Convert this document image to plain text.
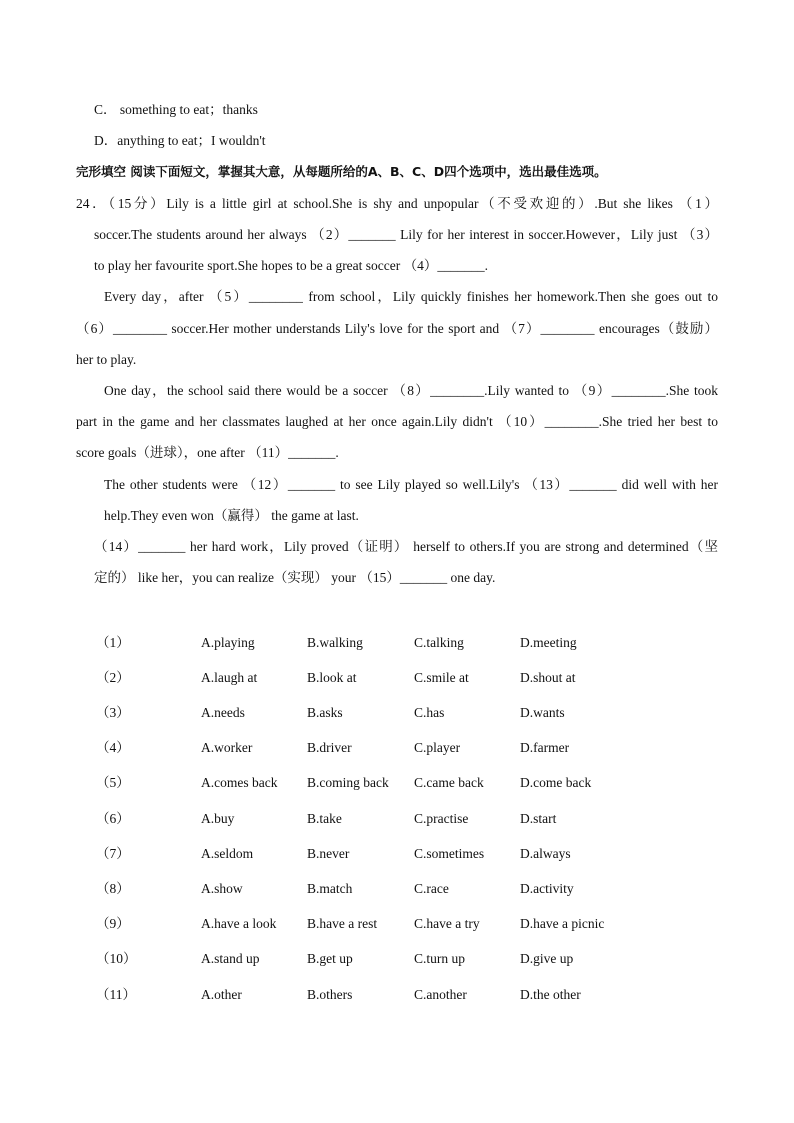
C． something to eat；thanks
D．anything to eat；I wouldn't
完形填空 阅读下面短文，掌握其大意，从每题所给的A、B、C、D四个选项中，选出最佳选项。
24．（15分）Lily is a little girl at school.She is shy and unpopular（不受欢迎的）.But she likes （1）
soccer.The students around her always （2）_______ Lily for her interest in soccer.However，Lily just （3）
to play her favourite sport.She hopes to be a great soccer （4）_______.
Every day，after （5）________ from school，Lily quickly finishes her homework.Then she goes out to
（6）________ soccer.Her mother understands Lily's love for the sport and （7）________ encourages（鼓励）
her to play.
One day，the school said there would be a soccer （8）________.Lily wanted to （9）________.She took
part in the game and her classmates laughed at her once again.Lily didn't （10）________.She tried her best to
score goals（进球），one after （11）_______.
The other students were （12）_______ to see Lily played so well.Lily's （13）_______ did well with her
help.They even won（赢得） the game at last.
（14）_______ her hard work，Lily proved（证明） herself to others.If you are strong and determined（坚
定的） like her，you can realize（实现） your （15）_______ one day.
（1）	A.playing	B.walking	C.talking	D.meeting
（2）	A.laugh at	B.look at	C.smile at	D.shout at
（3）	A.needs	B.asks	C.has	D.wants
（4）	A.worker	B.driver	C.player	D.farmer
（5）	A.comes back B.coming back C.came back	D.come back
（6）	A.buy	B.take	C.practise	D.start
（7）	A.seldom	B.never	C.sometimes	D.always
（8）	A.show	B.match	C.race	D.activity
（9）	A.have a look B.have a rest	C.have a try	D.have a picnic
（10）	A.stand up	B.get up	C.turn up	D.give up
（11）	A.other	B.others	C.another	D.the other
